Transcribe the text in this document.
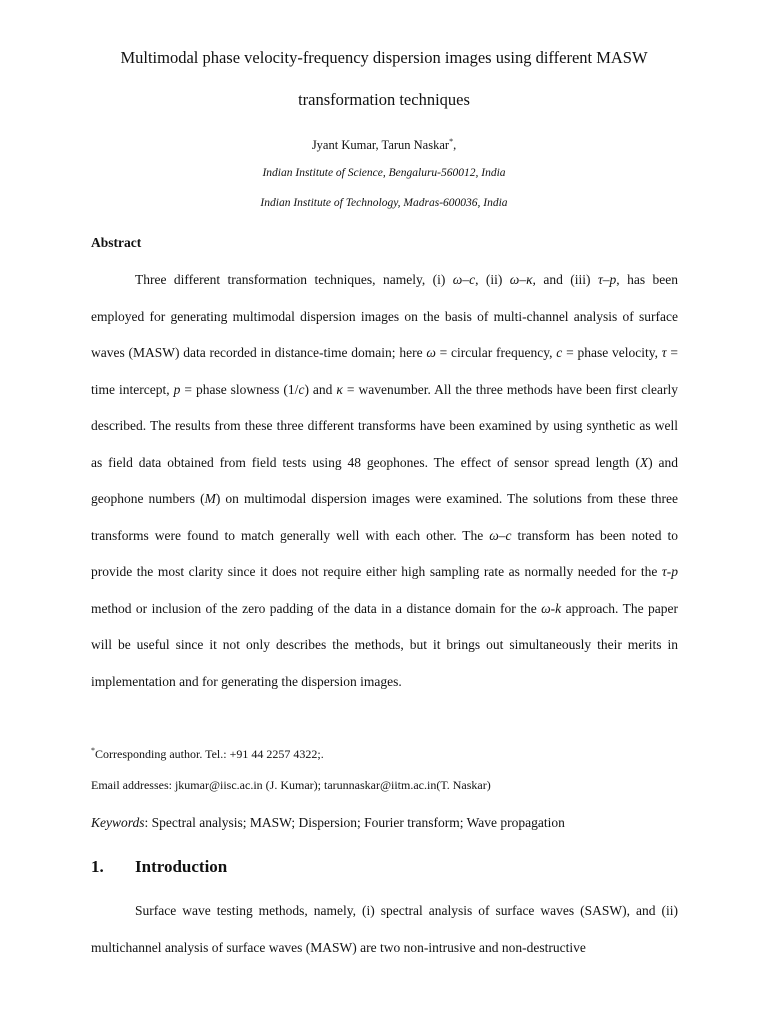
Multimodal phase velocity-frequency dispersion images using different MASW
transformation techniques
Jyant Kumar, Tarun Naskar*,
Indian Institute of Science, Bengaluru-560012, India
Indian Institute of Technology, Madras-600036, India
Abstract
Three different transformation techniques, namely, (i) ω–c, (ii) ω–κ, and (iii) τ–p, has been employed for generating multimodal dispersion images on the basis of multi-channel analysis of surface waves (MASW) data recorded in distance-time domain; here ω = circular frequency, c = phase velocity, τ = time intercept, p = phase slowness (1/c) and κ = wavenumber. All the three methods have been first clearly described. The results from these three different transforms have been examined by using synthetic as well as field data obtained from field tests using 48 geophones. The effect of sensor spread length (X) and geophone numbers (M) on multimodal dispersion images were examined. The solutions from these three transforms were found to match generally well with each other. The ω–c transform has been noted to provide the most clarity since it does not require either high sampling rate as normally needed for the τ-p method or inclusion of the zero padding of the data in a distance domain for the ω-k approach. The paper will be useful since it not only describes the methods, but it brings out simultaneously their merits in implementation and for generating the dispersion images.
*Corresponding author. Tel.: +91 44 2257 4322;.
Email addresses: jkumar@iisc.ac.in (J. Kumar); tarunnaskar@iitm.ac.in(T. Naskar)
Keywords: Spectral analysis; MASW; Dispersion; Fourier transform; Wave propagation
1. Introduction
Surface wave testing methods, namely, (i) spectral analysis of surface waves (SASW), and (ii) multichannel analysis of surface waves (MASW) are two non-intrusive and non-destructive
